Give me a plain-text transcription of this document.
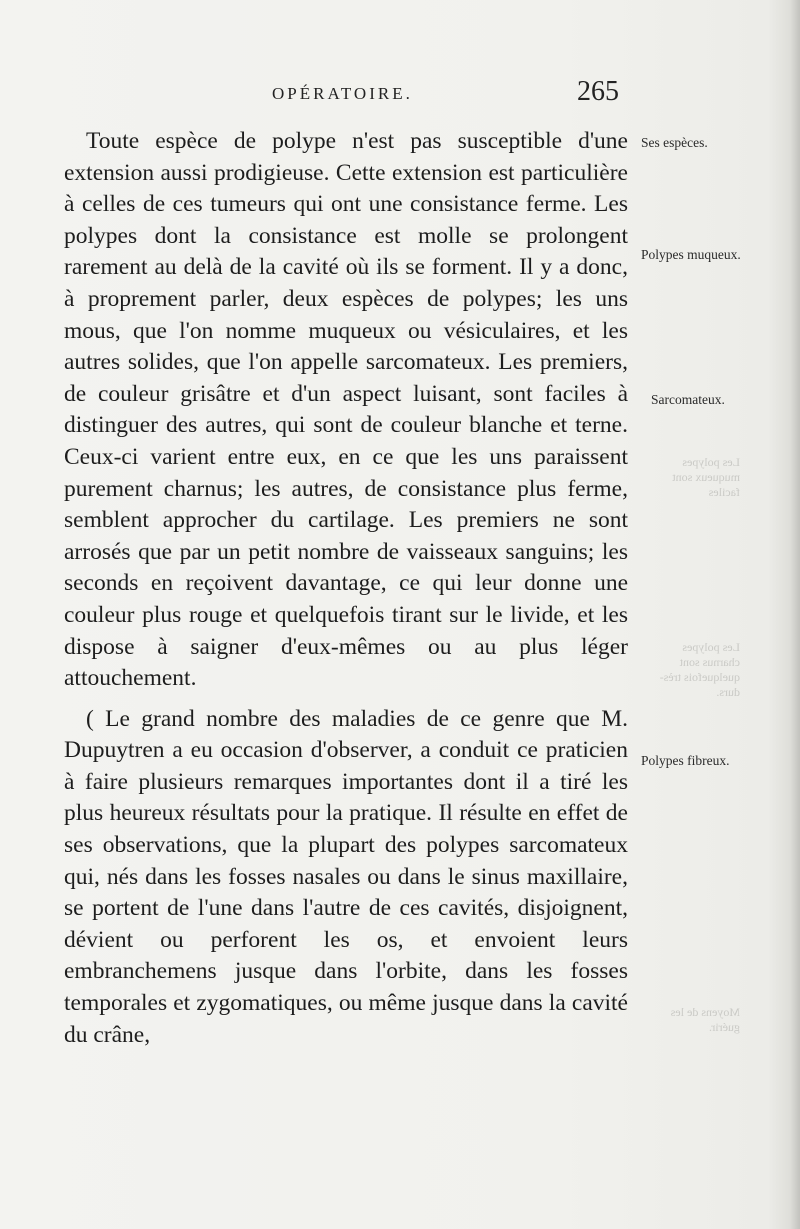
OPÉRATOIRE.	265

Toute espèce de polype n'est pas susceptible d'une extension aussi prodigieuse. Cette extension est particulière à celles de ces tumeurs qui ont une consistance ferme. Les polypes dont la consistance est molle se prolongent rarement au delà de la cavité où ils se forment. Il y a donc, à proprement parler, deux espèces de polypes; les uns mous, que l'on nomme muqueux ou vésiculaires, et les autres solides, que l'on appelle sarcomateux. Les premiers, de couleur grisâtre et d'un aspect luisant, sont faciles à distinguer des autres, qui sont de couleur blanche et terne. Ceux-ci varient entre eux, en ce que les uns paraissent purement charnus; les autres, de consistance plus ferme, semblent approcher du cartilage. Les premiers ne sont arrosés que par un petit nombre de vaisseaux sanguins; les seconds en reçoivent davantage, ce qui leur donne une couleur plus rouge et quelquefois tirant sur le livide, et les dispose à saigner d'eux-mêmes ou au plus léger attouchement.

( Le grand nombre des maladies de ce genre que M. Dupuytren a eu occasion d'observer, a conduit ce praticien à faire plusieurs remarques importantes dont il a tiré les plus heureux résultats pour la pratique. Il résulte en effet de ses observations, que la plupart des polypes sarcomateux qui, nés dans les fosses nasales ou dans le sinus maxillaire, se portent de l'une dans l'autre de ces cavités, disjoignent, dévient ou perforent les os, et envoient leurs embranchemens jusque dans l'orbite, dans les fosses temporales et zygomatiques, ou même jusque dans la cavité du crâne,

Ses espèces.
Polypes muqueux.
Sarcomateux.
Polypes fibreux.
Les polypes muqueux sont faciles
Les polypes charnus sont quelquefois très-durs.
Moyens de les guérir.
